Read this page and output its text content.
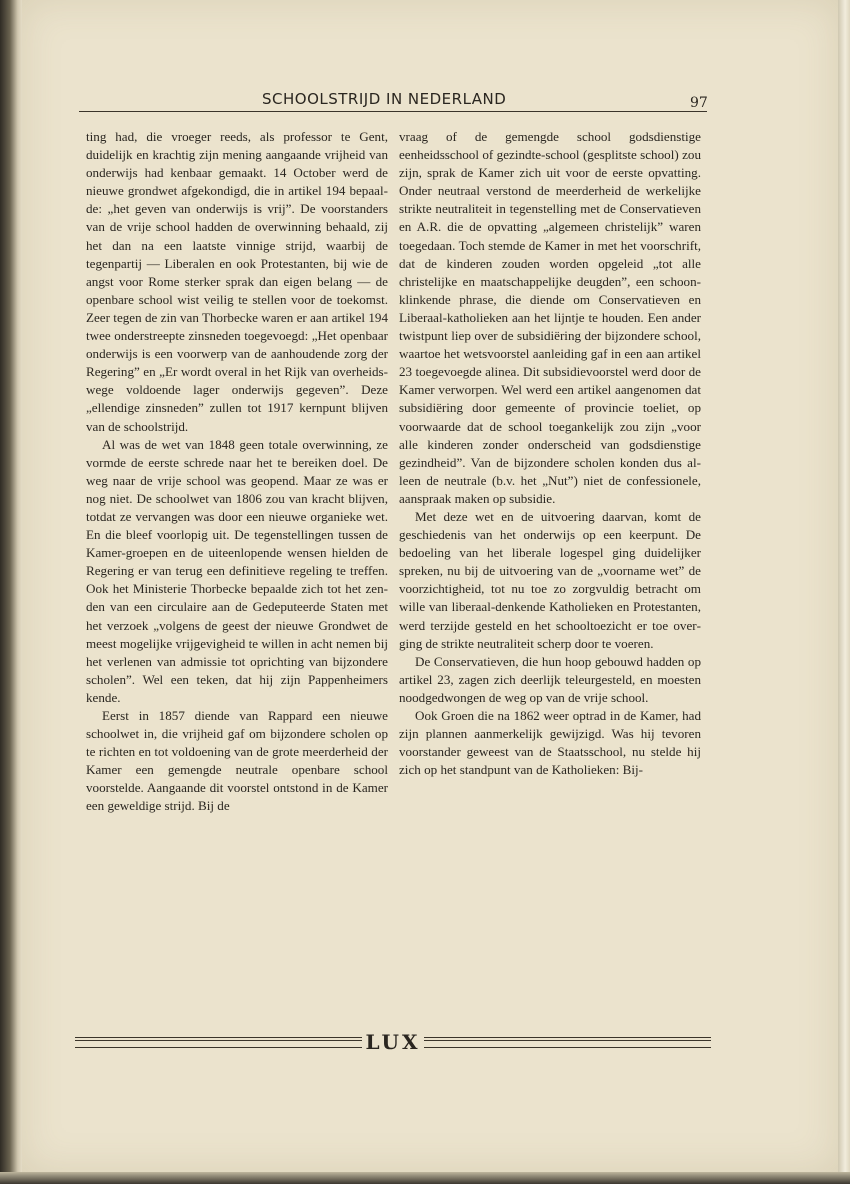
SCHOOLSTRIJD IN NEDERLAND	97

ting had, die vroeger reeds, als professor te Gent, duidelijk en krachtig zijn mening aangaande vrijheid van onderwijs had kenbaar gemaakt. 14 October werd de nieuwe grondwet afgekondigd, die in artikel 194 bepaalde: „het geven van onderwijs is vrij”. De voorstanders van de vrije school hadden de overwinning behaald, zij het dan na een laatste vinnige strijd, waarbij de tegenpartij — Liberalen en ook Protestanten, bij wie de angst voor Rome sterker sprak dan eigen belang — de openbare school wist veilig te stellen voor de toekomst. Zeer tegen de zin van Thorbecke waren er aan artikel 194 twee onderstreepte zinsneden toegevoegd: „Het openbaar onderwijs is een voorwerp van de aanhoudende zorg der Regering” en „Er wordt overal in het Rijk van overheidswege voldoende lager onderwijs gegeven”. Deze „ellendige zinsneden” zullen tot 1917 kernpunt blijven van de schoolstrijd.

Al was de wet van 1848 geen totale overwinning, ze vormde de eerste schrede naar het te bereiken doel. De weg naar de vrije school was geopend. Maar ze was er nog niet. De schoolwet van 1806 zou van kracht blijven, totdat ze vervangen was door een nieuwe organieke wet. En die bleef voorlopig uit. De tegenstellingen tussen de Kamer-groepen en de uiteenlopende wensen hielden de Regering er van terug een definitieve regeling te treffen. Ook het Ministerie Thorbecke bepaalde zich tot het zenden van een circulaire aan de Gedeputeerde Staten met het verzoek „volgens de geest der nieuwe Grondwet de meest mogelijke vrijgevigheid te willen in acht nemen bij het verlenen van admissie tot oprichting van bijzondere scholen”. Wel een teken, dat hij zijn Pappenheimers kende.

Eerst in 1857 diende van Rappard een nieuwe schoolwet in, die vrijheid gaf om bijzondere scholen op te richten en tot voldoening van de grote meerderheid der Kamer een gemengde neutrale openbare school voorstelde. Aangaande dit voorstel ontstond in de Kamer een geweldige strijd. Bij de

vraag of de gemengde school godsdienstige eenheidsschool of gezindte-school (gesplitste school) zou zijn, sprak de Kamer zich uit voor de eerste opvatting. Onder neutraal verstond de meerderheid de werkelijke strikte neutraliteit in tegenstelling met de Conservatieven en A.R. die de opvatting „algemeen christelijk” waren toegedaan. Toch stemde de Kamer in met het voorschrift, dat de kinderen zouden worden opgeleid „tot alle christelijke en maatschappelijke deugden”, een schoon-klinkende phrase, die diende om Conservatieven en Liberaal-katholieken aan het lijntje te houden. Een ander twistpunt liep over de subsidiëring der bijzondere school, waartoe het wetsvoorstel aanleiding gaf in een aan artikel 23 toegevoegde alinea. Dit subsidievoorstel werd door de Kamer verworpen. Wel werd een artikel aangenomen dat subsidiëring door gemeente of provincie toeliet, op voorwaarde dat de school toegankelijk zou zijn „voor alle kinderen zonder onderscheid van godsdienstige gezindheid”. Van de bijzondere scholen konden dus alleen de neutrale (b.v. het „Nut”) niet de confessionele, aanspraak maken op subsidie.

Met deze wet en de uitvoering daarvan, komt de geschiedenis van het onderwijs op een keerpunt. De bedoeling van het liberale logespel ging duidelijker spreken, nu bij de uitvoering van de „voorname wet” de voorzichtigheid, tot nu toe zo zorgvuldig betracht om wille van liberaal-denkende Katholieken en Protestanten, werd terzijde gesteld en het schooltoezicht er toe overging de strikte neutraliteit scherp door te voeren.

De Conservatieven, die hun hoop gebouwd hadden op artikel 23, zagen zich deerlijk teleurgesteld, en moesten noodgedwongen de weg op van de vrije school.

Ook Groen die na 1862 weer optrad in de Kamer, had zijn plannen aanmerkelijk gewijzigd. Was hij tevoren voorstander geweest van de Staatsschool, nu stelde hij zich op het standpunt van de Katholieken: Bij-

LUX
